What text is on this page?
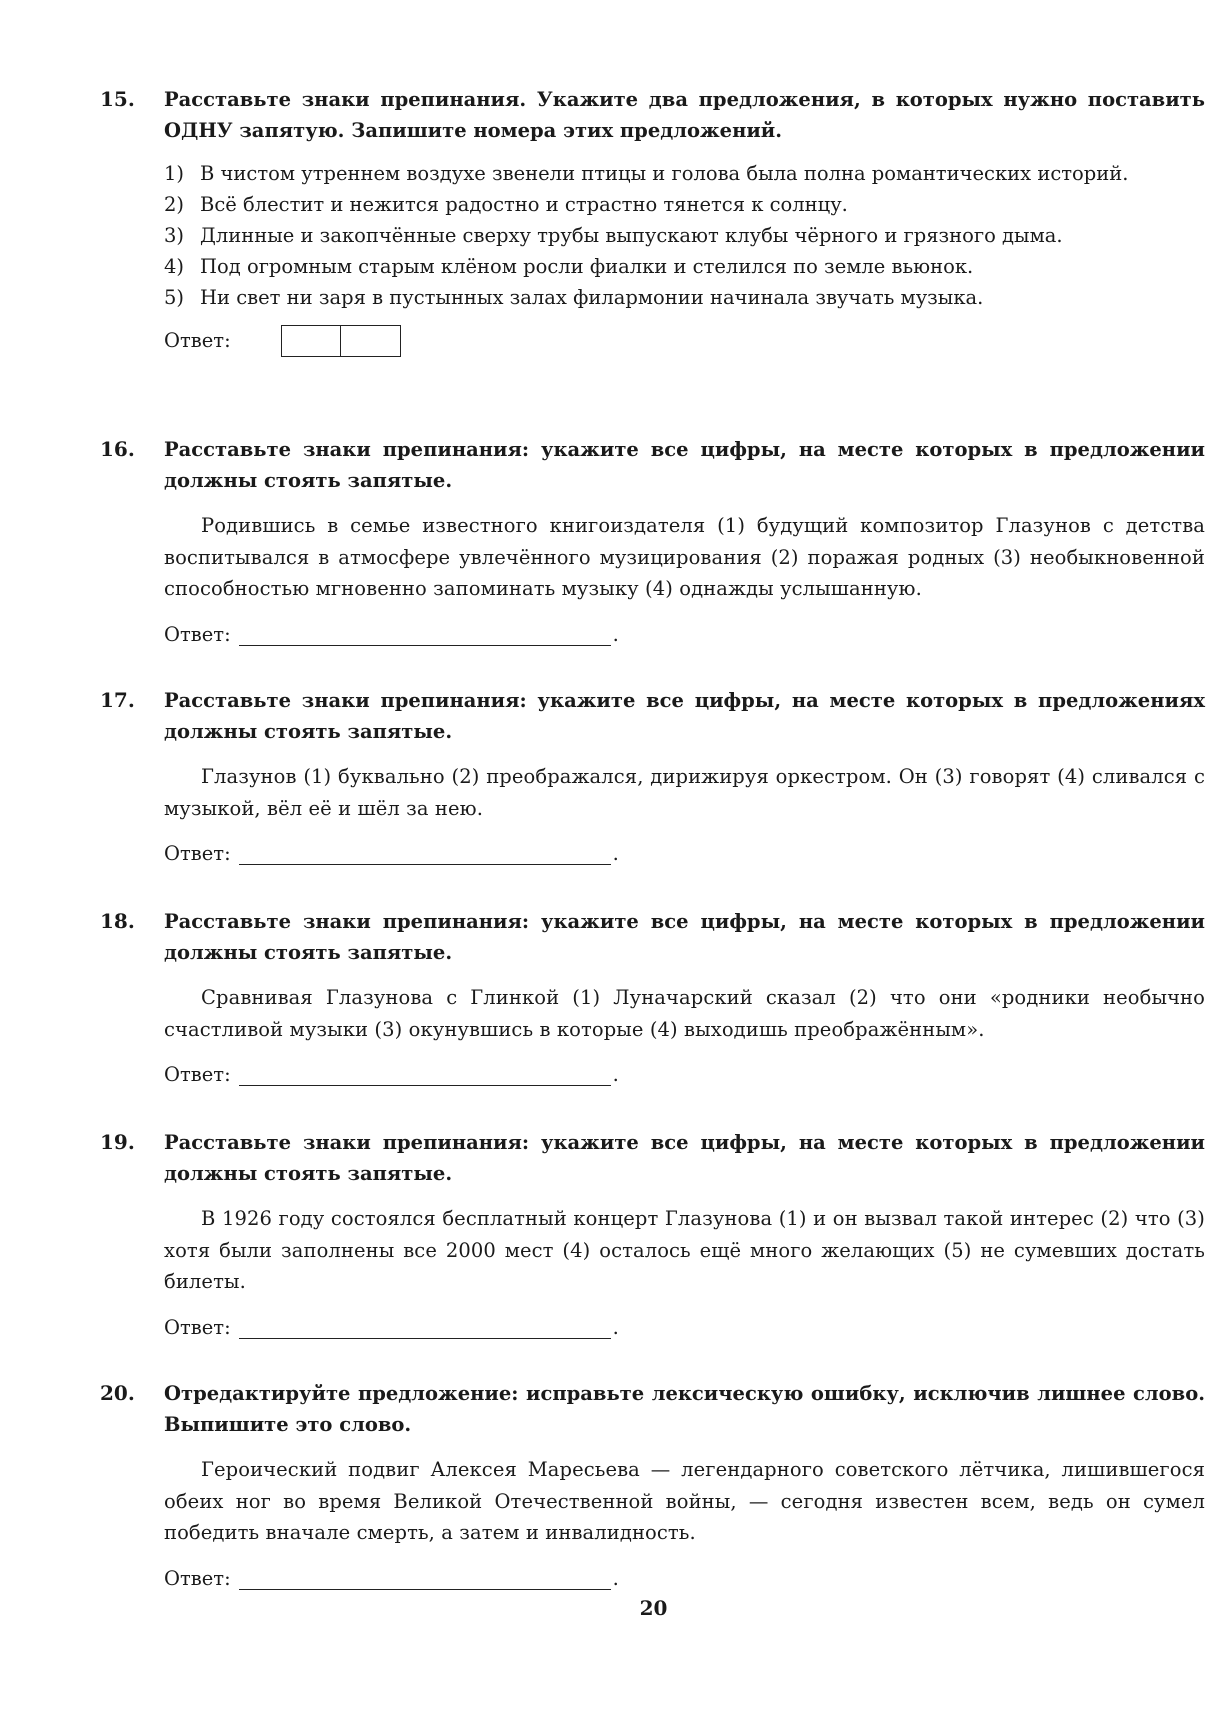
15. Расставьте знаки препинания. Укажите два предложения, в которых нужно поставить ОДНУ запятую. Запишите номера этих предложений.

1) В чистом утреннем воздухе звенели птицы и голова была полна романтических историй.
2) Всё блестит и нежится радостно и страстно тянется к солнцу.
3) Длинные и закопчённые сверху трубы выпускают клубы чёрного и грязного дыма.
4) Под огромным старым клёном росли фиалки и стелился по земле вьюнок.
5) Ни свет ни заря в пустынных залах филармонии начинала звучать музыка.
Ответ:
16. Расставьте знаки препинания: укажите все цифры, на месте которых в предложении должны стоять запятые.

Родившись в семье известного книгоиздателя (1) будущий композитор Глазунов с детства воспитывался в атмосфере увлечённого музицирования (2) поражая родных (3) необыкновенной способностью мгновенно запоминать музыку (4) однажды услышанную.

Ответ:	.
17. Расставьте знаки препинания: укажите все цифры, на месте которых в предложениях должны стоять запятые.

Глазунов (1) буквально (2) преображался, дирижируя оркестром. Он (3) говорят (4) сливался с музыкой, вёл её и шёл за нею.

Ответ:	.
18. Расставьте знаки препинания: укажите все цифры, на месте которых в предложении должны стоять запятые.

Сравнивая Глазунова с Глинкой (1) Луначарский сказал (2) что они «родники необычно счастливой музыки (3) окунувшись в которые (4) выходишь преображённым».

Ответ:	.
19. Расставьте знаки препинания: укажите все цифры, на месте которых в предложении должны стоять запятые.

В 1926 году состоялся бесплатный концерт Глазунова (1) и он вызвал такой интерес (2) что (3) хотя были заполнены все 2000 мест (4) осталось ещё много желающих (5) не сумевших достать билеты.

Ответ:	.
20. Отредактируйте предложение: исправьте лексическую ошибку, исключив лишнее слово. Выпишите это слово.

Героический подвиг Алексея Маресьева — легендарного советского лётчика, лишившегося обеих ног во время Великой Отечественной войны, — сегодня известен всем, ведь он сумел победить вначале смерть, а затем и инвалидность.

Ответ:	.
20
